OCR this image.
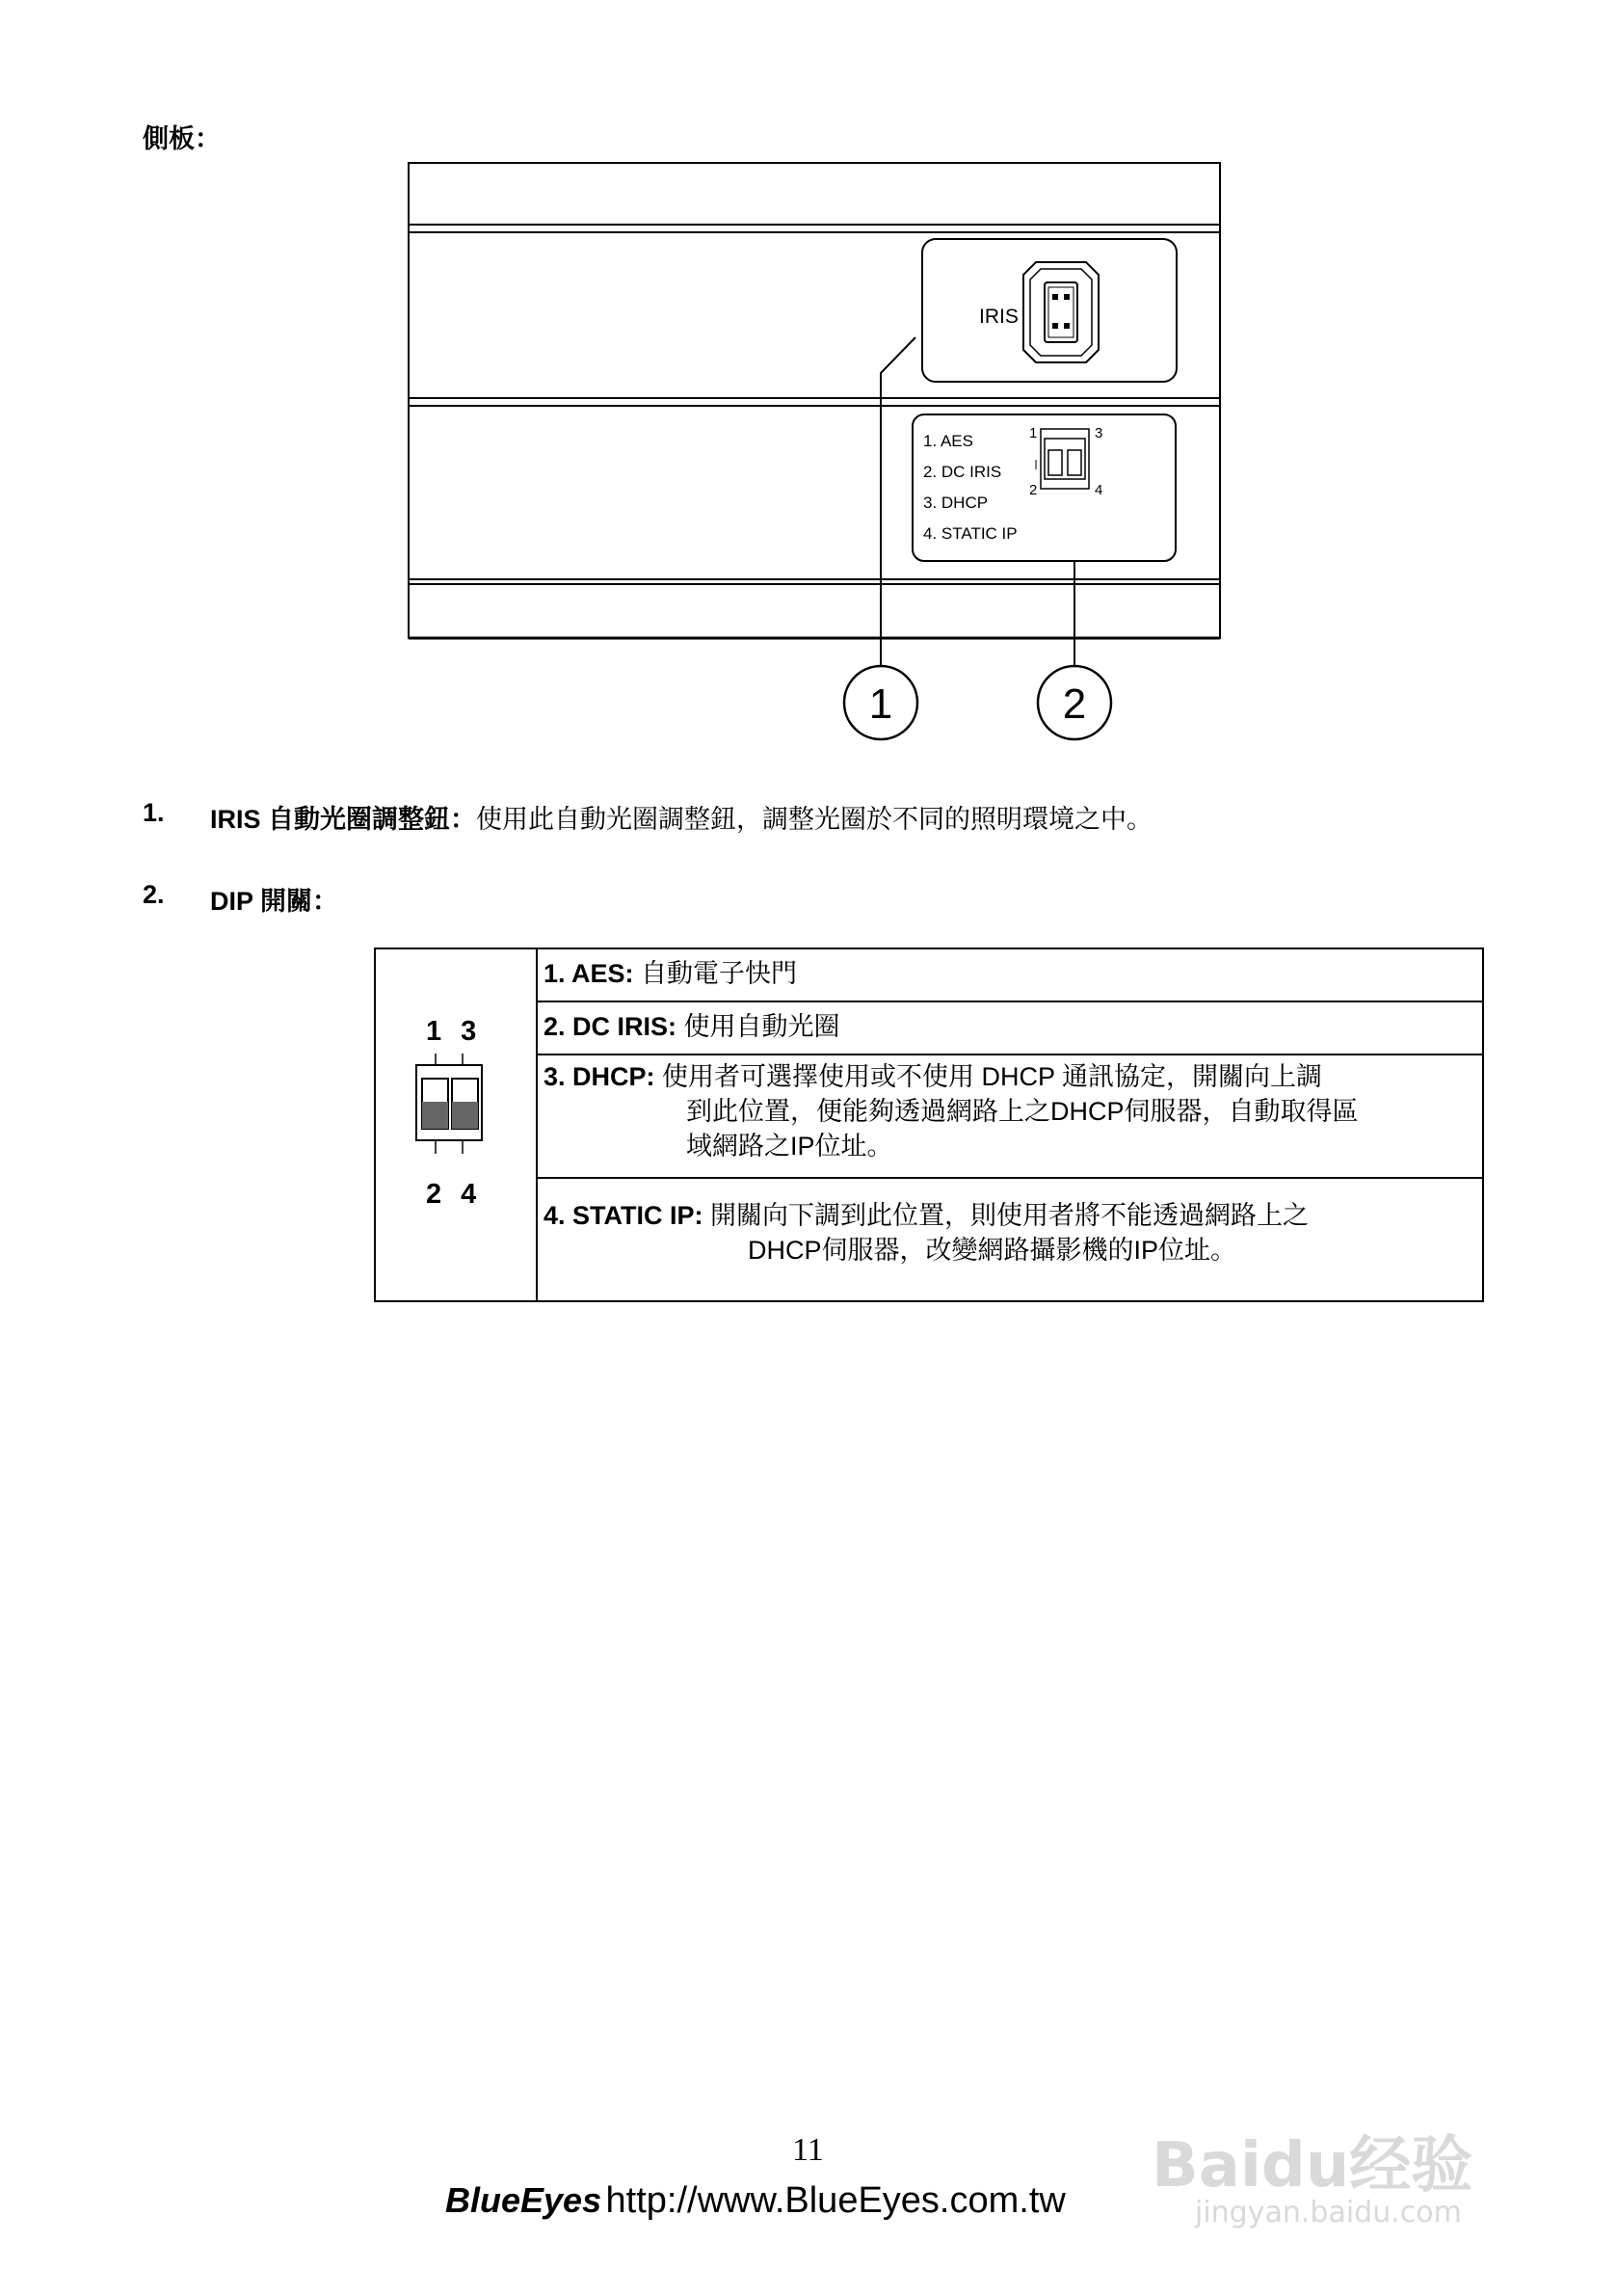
側板：
IRIS
1. AES
2. DC IRIS
3. DHCP
4. STATIC IP
1	3
2	4
1	2
1. IRIS 自動光圈調整鈕：使用此自動光圈調整鈕，調整光圈於不同的照明環境之中。
2. DIP 開關：
1 3
2 4
1. AES: 自動電子快門
2. DC IRIS: 使用自動光圈
3. DHCP: 使用者可選擇使用或不使用 DHCP 通訊協定，開關向上調
到此位置，便能夠透過網路上之DHCP伺服器，自動取得區
域網路之IP位址。
4. STATIC IP: 開關向下調到此位置，則使用者將不能透過網路上之
DHCP伺服器，改變網路攝影機的IP位址。
11
BlueEyes http://www.BlueEyes.com.tw Baidu经验
jingyan.baidu.com
